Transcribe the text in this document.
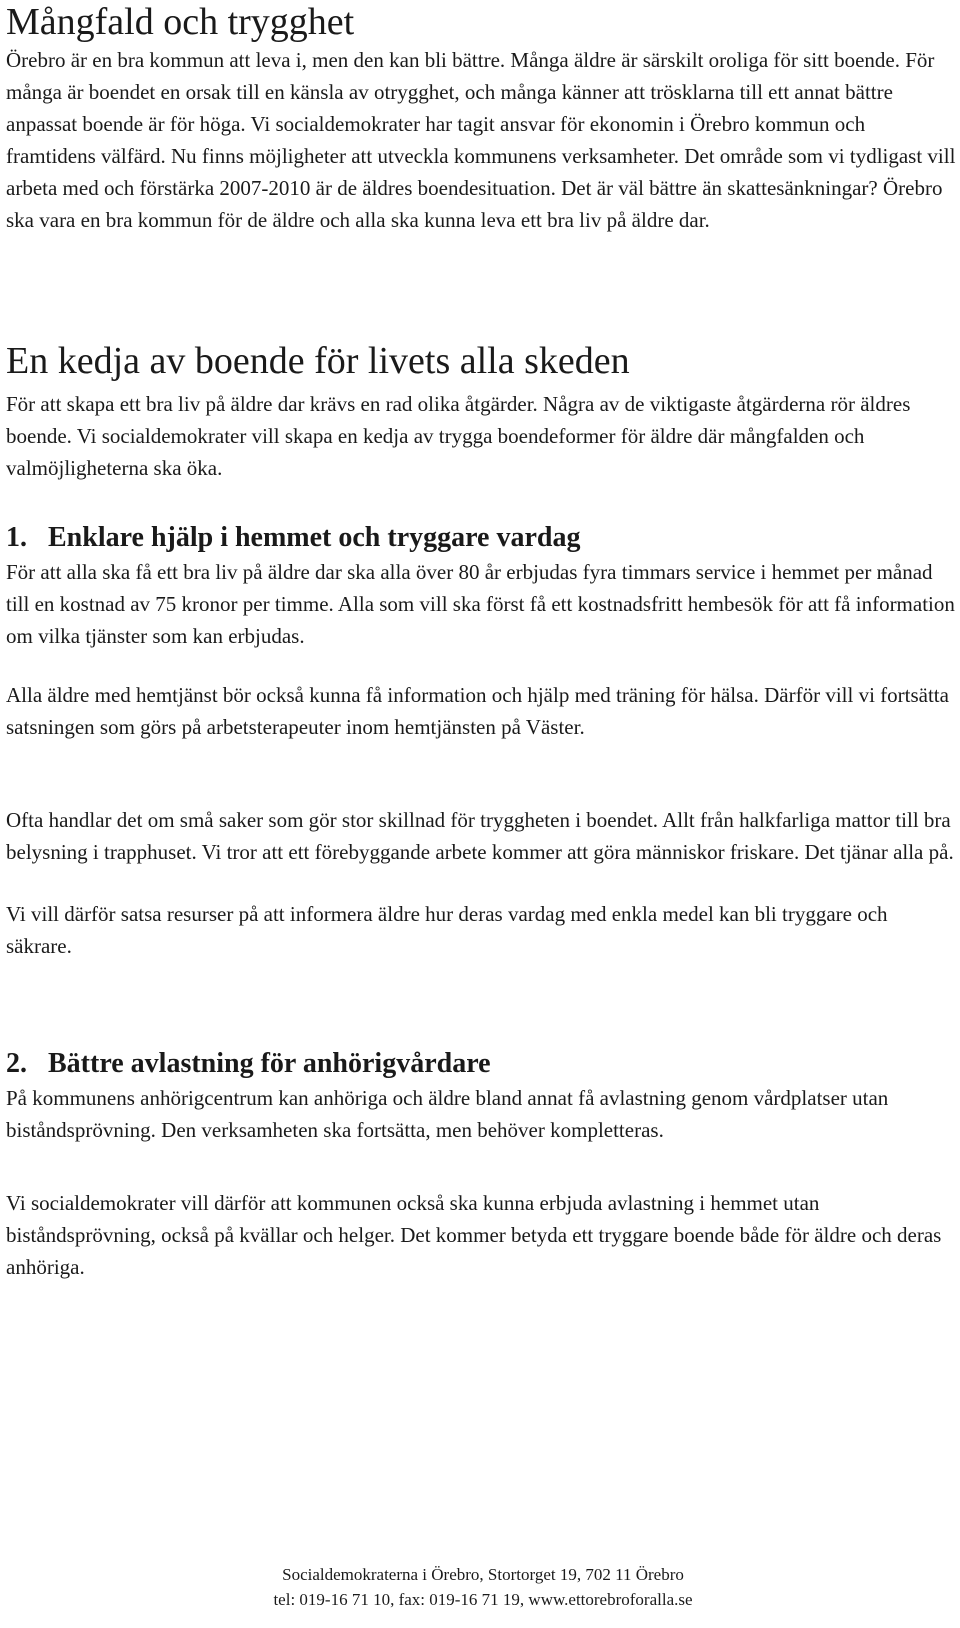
Mångfald och trygghet

Örebro är en bra kommun att leva i, men den kan bli bättre. Många äldre är särskilt oroliga för sitt boende. För många är boendet en orsak till en känsla av otrygghet, och många känner att trösklarna till ett annat bättre anpassat boende är för höga. Vi socialdemokrater har tagit ansvar för ekonomin i Örebro kommun och framtidens välfärd. Nu finns möjligheter att utveckla kommunens verksamheter. Det område som vi tydligast vill arbeta med och förstärka 2007-2010 är de äldres boendesituation. Det är väl bättre än skattesänkningar? Örebro ska vara en bra kommun för de äldre och alla ska kunna leva ett bra liv på äldre dar.

En kedja av boende för livets alla skeden

För att skapa ett bra liv på äldre dar krävs en rad olika åtgärder. Några av de viktigaste åtgärderna rör äldres boende. Vi socialdemokrater vill skapa en kedja av trygga boendeformer för äldre där mångfalden och valmöjligheterna ska öka.

1. Enklare hjälp i hemmet och tryggare vardag

För att alla ska få ett bra liv på äldre dar ska alla över 80 år erbjudas fyra timmars service i hemmet per månad till en kostnad av 75 kronor per timme. Alla som vill ska först få ett kostnadsfritt hembesök för att få information om vilka tjänster som kan erbjudas.

Alla äldre med hemtjänst bör också kunna få information och hjälp med träning för hälsa. Därför vill vi fortsätta satsningen som görs på arbetsterapeuter inom hemtjänsten på Väster.

Ofta handlar det om små saker som gör stor skillnad för tryggheten i boendet. Allt från halkfarliga mattor till bra belysning i trapphuset. Vi tror att ett förebyggande arbete kommer att göra människor friskare. Det tjänar alla på.

Vi vill därför satsa resurser på att informera äldre hur deras vardag med enkla medel kan bli tryggare och säkrare.

2. Bättre avlastning för anhörigvårdare

På kommunens anhörigcentrum kan anhöriga och äldre bland annat få avlastning genom vårdplatser utan biståndsprövning. Den verksamheten ska fortsätta, men behöver kompletteras.

Vi socialdemokrater vill därför att kommunen också ska kunna erbjuda avlastning i hemmet utan biståndsprövning, också på kvällar och helger. Det kommer betyda ett tryggare boende både för äldre och deras anhöriga.

Socialdemokraterna i Örebro, Stortorget 19, 702 11 Örebro
tel: 019-16 71 10, fax: 019-16 71 19, www.ettorebroforalla.se
